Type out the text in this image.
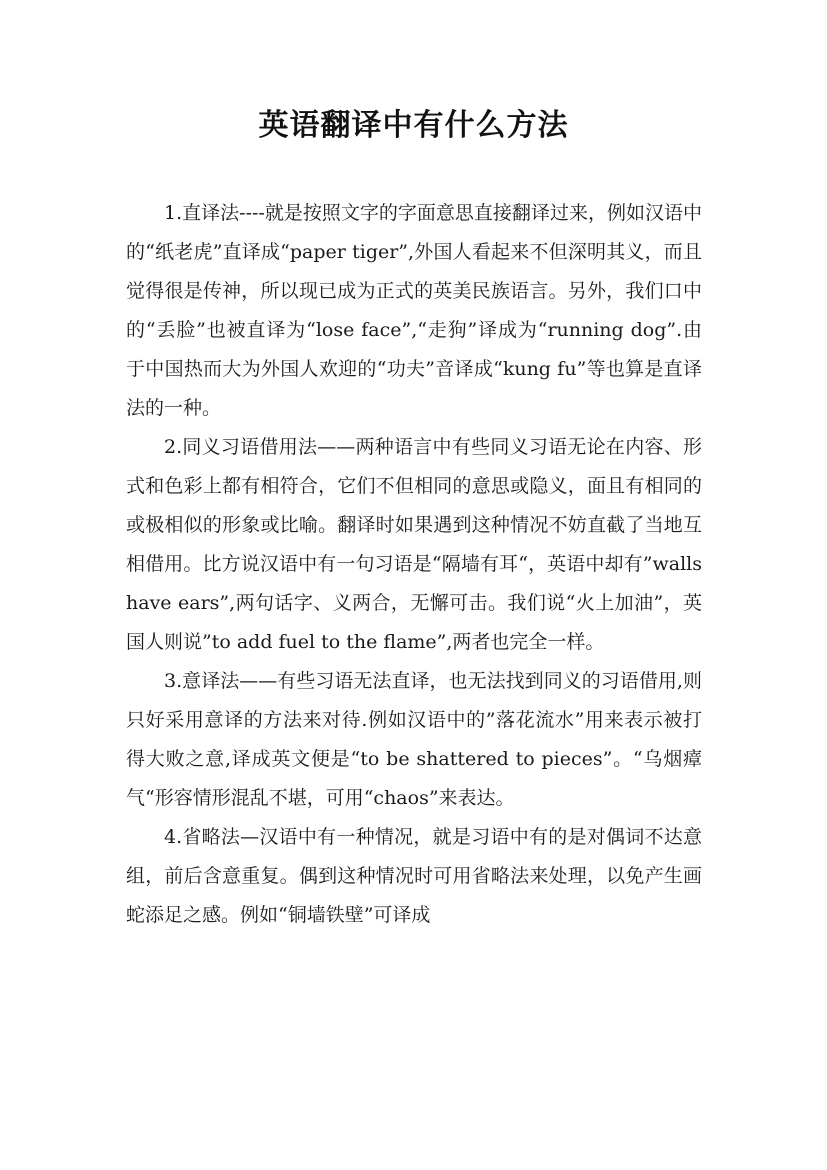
英语翻译中有什么方法

1.直译法----就是按照文字的字面意思直接翻译过来，例如汉语中的“纸老虎”直译成“paper tiger”,外国人看起来不但深明其义，而且觉得很是传神，所以现已成为正式的英美民族语言。另外，我们口中的“丢脸”也被直译为“lose face”,“走狗”译成为“running dog”.由于中国热而大为外国人欢迎的“功夫”音译成“kung fu”等也算是直译法的一种。

2.同义习语借用法——两种语言中有些同义习语无论在内容、形式和色彩上都有相符合，它们不但相同的意思或隐义，面且有相同的或极相似的形象或比喻。翻译时如果遇到这种情况不妨直截了当地互相借用。比方说汉语中有一句习语是“隔墙有耳“，英语中却有”walls have ears”,两句话字、义两合，无懈可击。我们说“火上加油”，英国人则说”to add fuel to the flame”,两者也完全一样。

3.意译法——有些习语无法直译，也无法找到同义的习语借用,则只好采用意译的方法来对待.例如汉语中的”落花流水”用来表示被打得大败之意,译成英文便是“to be shattered to pieces”。“乌烟瘴气“形容情形混乱不堪，可用“chaos”来表达。

4.省略法—汉语中有一种情况，就是习语中有的是对偶词不达意组，前后含意重复。偶到这种情况时可用省略法来处理，以免产生画蛇添足之感。例如“铜墙铁壁”可译成
